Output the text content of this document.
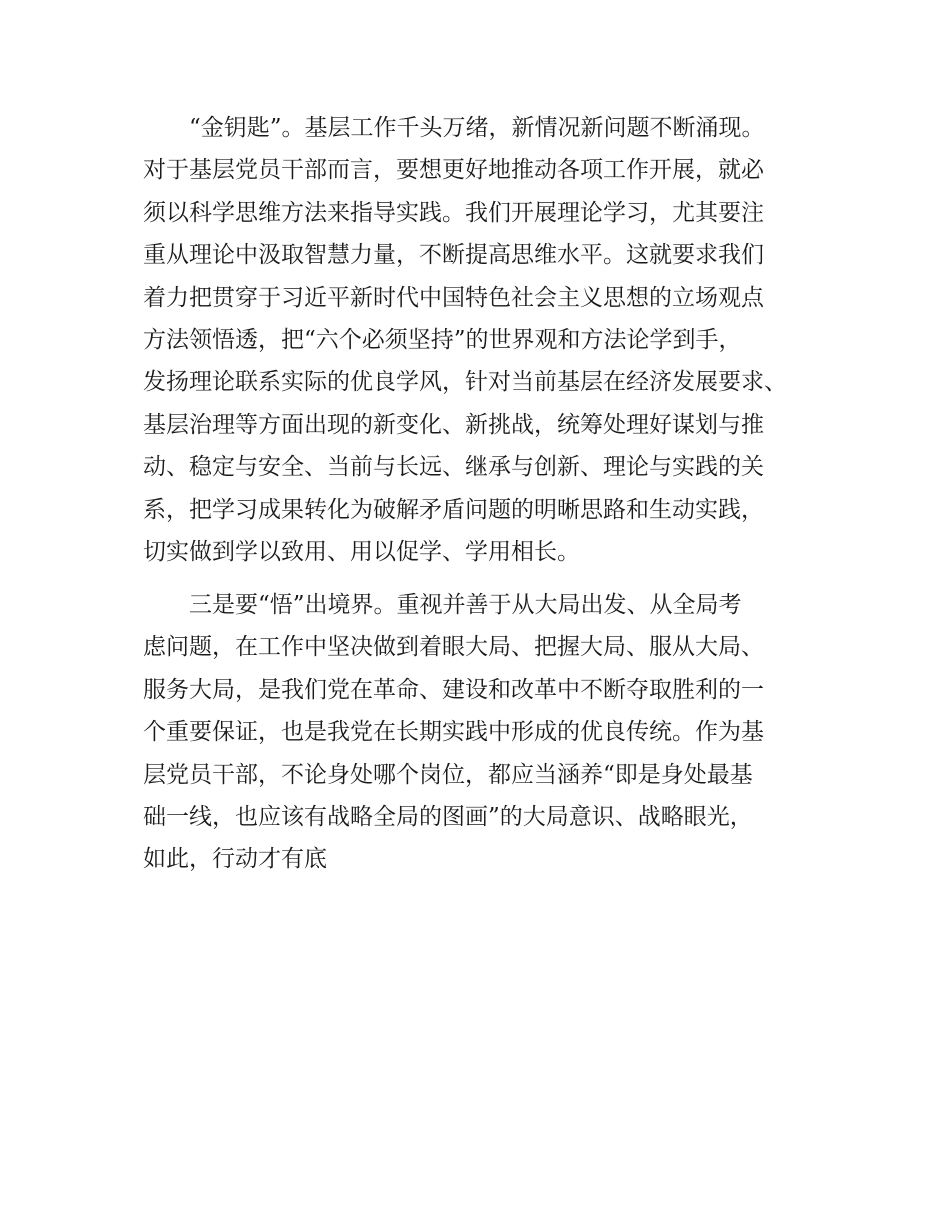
“金钥匙”。基层工作千头万绪，新情况新问题不断涌现。
对于基层党员干部而言，要想更好地推动各项工作开展，就必
须以科学思维方法来指导实践。我们开展理论学习，尤其要注
重从理论中汲取智慧力量，不断提高思维水平。这就要求我们
着力把贯穿于习近平新时代中国特色社会主义思想的立场观点
方法领悟透，把“六个必须坚持”的世界观和方法论学到手，
发扬理论联系实际的优良学风，针对当前基层在经济发展要求、
基层治理等方面出现的新变化、新挑战，统筹处理好谋划与推
动、稳定与安全、当前与长远、继承与创新、理论与实践的关
系，把学习成果转化为破解矛盾问题的明晰思路和生动实践，
切实做到学以致用、用以促学、学用相长。

三是要“悟”出境界。重视并善于从大局出发、从全局考
虑问题，在工作中坚决做到着眼大局、把握大局、服从大局、
服务大局，是我们党在革命、建设和改革中不断夺取胜利的一
个重要保证，也是我党在长期实践中形成的优良传统。作为基
层党员干部，不论身处哪个岗位，都应当涵养“即是身处最基
础一线，也应该有战略全局的图画”的大局意识、战略眼光，
如此，行动才有底
